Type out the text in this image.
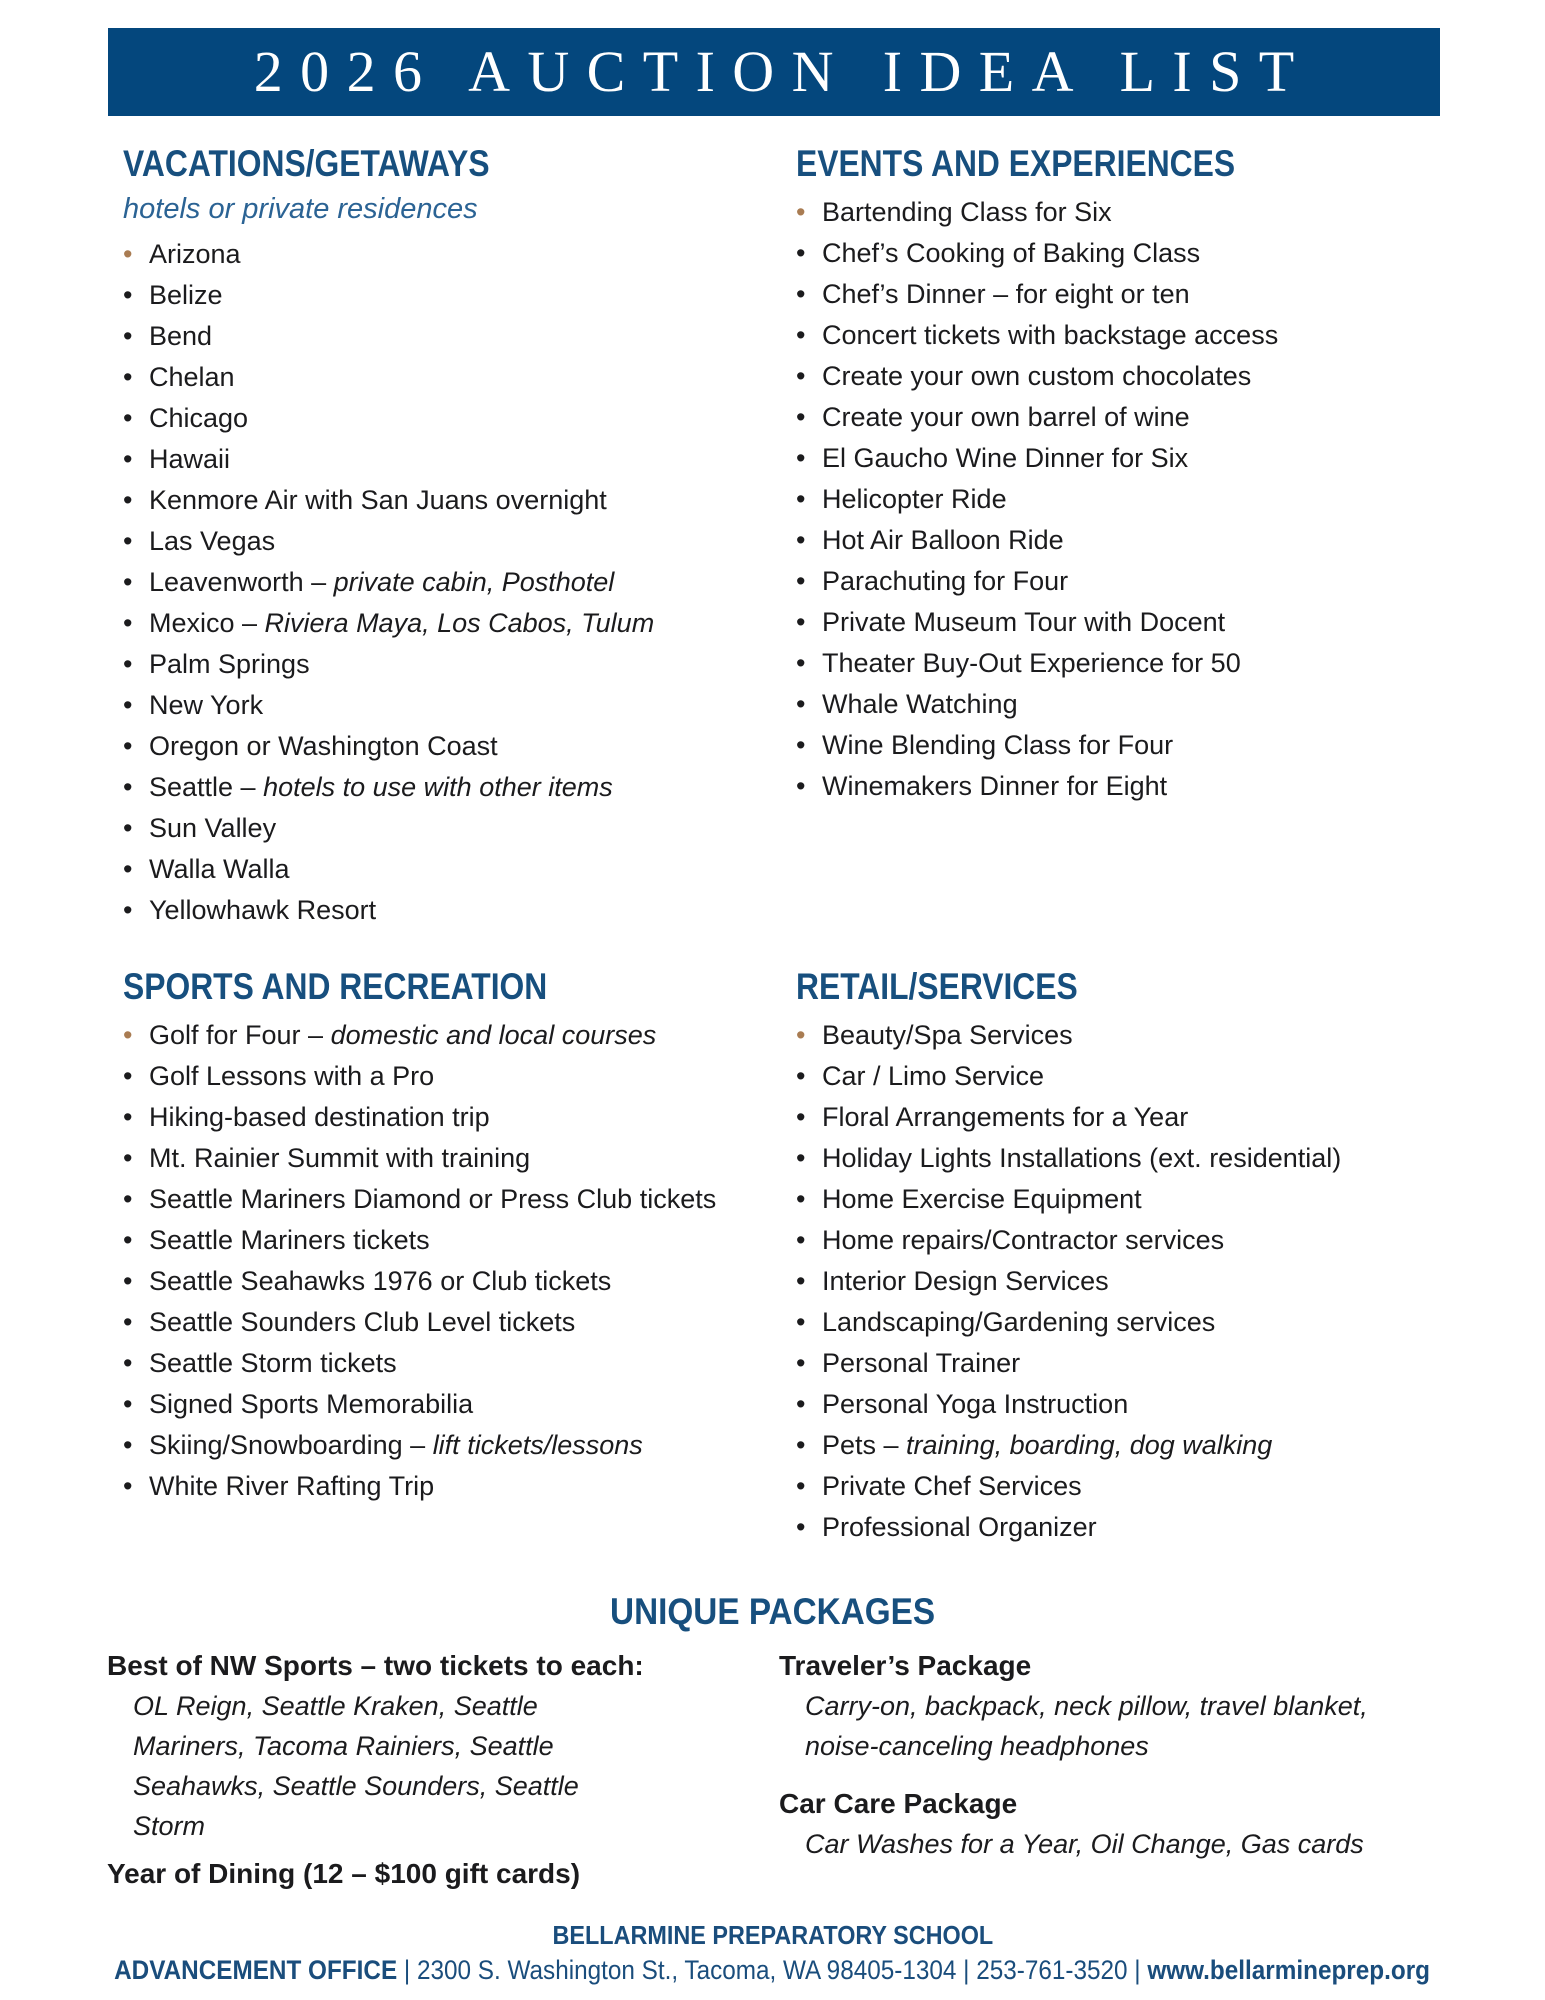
2026 AUCTION IDEA LIST
VACATIONS/GETAWAYS

hotels or private residences

• Arizona
• Belize
• Bend
• Chelan
• Chicago
• Hawaii
• Kenmore Air with San Juans overnight
• Las Vegas
• Leavenworth – private cabin, Posthotel
• Mexico – Riviera Maya, Los Cabos, Tulum
• Palm Springs
• New York
• Oregon or Washington Coast
• Seattle – hotels to use with other items
• Sun Valley
• Walla Walla
• Yellowhawk Resort
EVENTS AND EXPERIENCES
• Bartending Class for Six
• Chef’s Cooking of Baking Class
• Chef’s Dinner – for eight or ten
• Concert tickets with backstage access
• Create your own custom chocolates
• Create your own barrel of wine
• El Gaucho Wine Dinner for Six
• Helicopter Ride
• Hot Air Balloon Ride
• Parachuting for Four
• Private Museum Tour with Docent
• Theater Buy-Out Experience for 50
• Whale Watching
• Wine Blending Class for Four
• Winemakers Dinner for Eight
SPORTS AND RECREATION
• Golf for Four – domestic and local courses
• Golf Lessons with a Pro
• Hiking-based destination trip
• Mt. Rainier Summit with training
• Seattle Mariners Diamond or Press Club tickets
• Seattle Mariners tickets
• Seattle Seahawks 1976 or Club tickets
• Seattle Sounders Club Level tickets
• Seattle Storm tickets
• Signed Sports Memorabilia
• Skiing/Snowboarding – lift tickets/lessons
• White River Rafting Trip
RETAIL/SERVICES
• Beauty/Spa Services
• Car / Limo Service
• Floral Arrangements for a Year
• Holiday Lights Installations (ext. residential)
• Home Exercise Equipment
• Home repairs/Contractor services
• Interior Design Services
• Landscaping/Gardening services
• Personal Trainer
• Personal Yoga Instruction
• Pets – training, boarding, dog walking
• Private Chef Services
• Professional Organizer
UNIQUE PACKAGES
Best of NW Sports – two tickets to each:
OL Reign, Seattle Kraken, Seattle Mariners, Tacoma Rainiers, Seattle Seahawks, Seattle Sounders, Seattle Storm
Year of Dining (12 – $100 gift cards)
Traveler’s Package
Carry-on, backpack, neck pillow, travel blanket, noise-canceling headphones
Car Care Package
Car Washes for a Year, Oil Change, Gas cards
BELLARMINE PREPARATORY SCHOOL
ADVANCEMENT OFFICE | 2300 S. Washington St., Tacoma, WA 98405-1304 | 253-761-3520 | www.bellarmineprep.org
